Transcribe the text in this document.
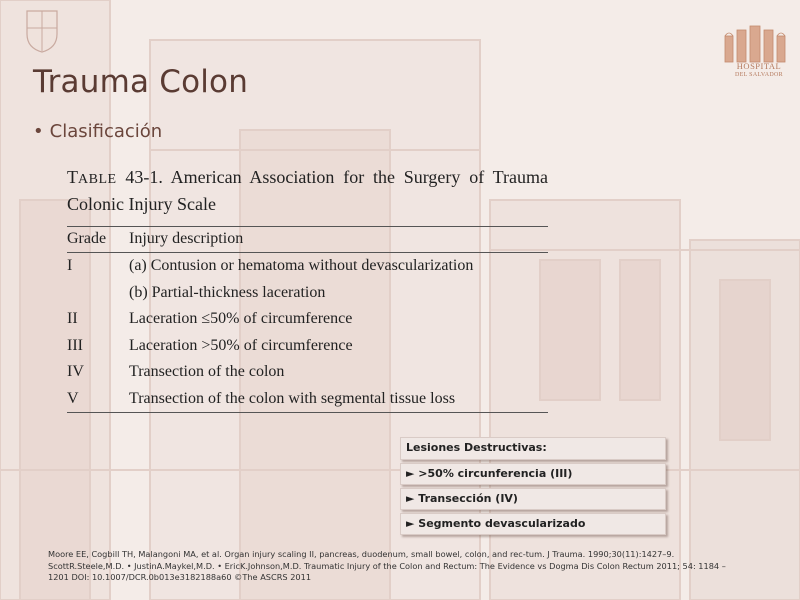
HOSPITAL
DEL SALVADOR
Trauma Colon
• Clasificación
TABLE 43-1. American Association for the Surgery of Trauma Colonic Injury Scale
Grade	Injury description
I	(a) Contusion or hematoma without devascularization
	(b) Partial-thickness laceration
II	Laceration ≤50% of circumference
III	Laceration >50% of circumference
IV	Transection of the colon
V	Transection of the colon with segmental tissue loss
Lesiones Destructivas:
► >50% circunferencia (III)
► Transección (IV)
► Segmento devascularizado
Moore EE, Cogbill TH, Malangoni MA, et al. Organ injury scaling II, pancreas, duodenum, small bowel, colon, and rec-tum. J Trauma. 1990;30(11):1427–9.
ScottR.Steele,M.D. • JustinA.Maykel,M.D. • EricK.Johnson,M.D. Traumatic Injury of the Colon and Rectum: The Evidence vs Dogma Dis Colon Rectum 2011; 54: 1184 –
1201 DOI: 10.1007/DCR.0b013e3182188a60 ©The ASCRS 2011
